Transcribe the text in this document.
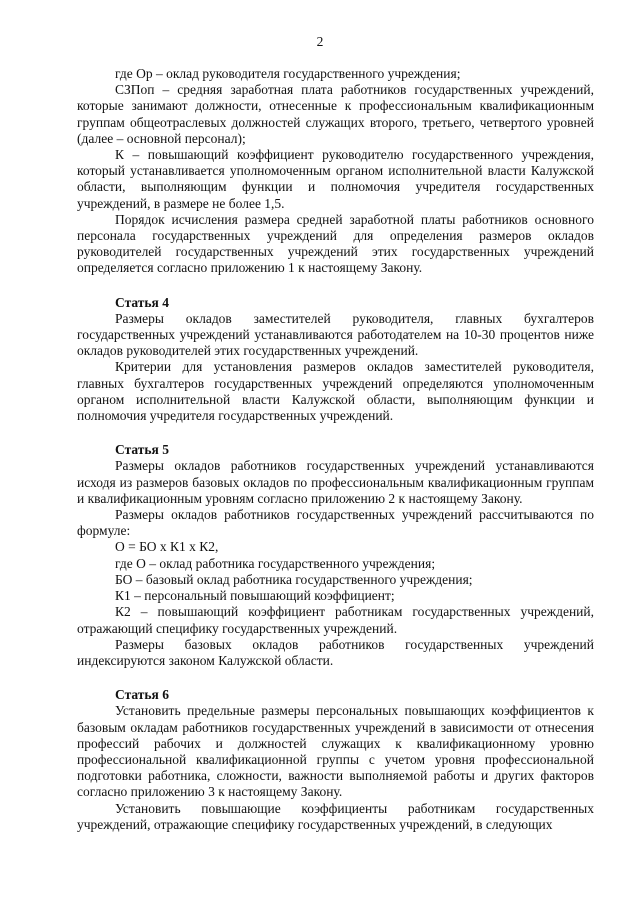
2

где Ор – оклад руководителя государственного учреждения;

СЗПоп – средняя заработная плата работников государственных учреждений, которые занимают должности, отнесенные к профессиональным квалификационным группам общеотраслевых должностей служащих второго, третьего, четвертого уровней (далее – основной персонал);

К – повышающий коэффициент руководителю государственного учреждения, который устанавливается уполномоченным органом исполнительной власти Калужской области, выполняющим функции и полномочия учредителя государственных учреждений, в размере не более 1,5.

Порядок исчисления размера средней заработной платы работников основного персонала государственных учреждений для определения размеров окладов руководителей государственных учреждений этих государственных учреждений определяется согласно приложению 1 к настоящему Закону.

Статья 4

Размеры окладов заместителей руководителя, главных бухгалтеров государственных учреждений устанавливаются работодателем на 10-30 процентов ниже окладов руководителей этих государственных учреждений.

Критерии для установления размеров окладов заместителей руководителя, главных бухгалтеров государственных учреждений определяются уполномоченным органом исполнительной власти Калужской области, выполняющим функции и полномочия учредителя государственных учреждений.

Статья 5

Размеры окладов работников государственных учреждений устанавливаются исходя из размеров базовых окладов по профессиональным квалификационным группам и квалификационным уровням согласно приложению 2 к настоящему Закону.

Размеры окладов работников государственных учреждений рассчитываются по формуле:

О = БО х К1 х К2,

где О – оклад работника государственного учреждения;

БО – базовый оклад работника государственного учреждения;

К1 – персональный повышающий коэффициент;

К2 – повышающий коэффициент работникам государственных учреждений, отражающий специфику государственных учреждений.

Размеры базовых окладов работников государственных учреждений индексируются законом Калужской области.

Статья 6

Установить предельные размеры персональных повышающих коэффициентов к базовым окладам работников государственных учреждений в зависимости от отнесения профессий рабочих и должностей служащих к квалификационному уровню профессиональной квалификационной группы с учетом уровня профессиональной подготовки работника, сложности, важности выполняемой работы и других факторов согласно приложению 3 к настоящему Закону.

Установить повышающие коэффициенты работникам государственных учреждений, отражающие специфику государственных учреждений, в следующих
